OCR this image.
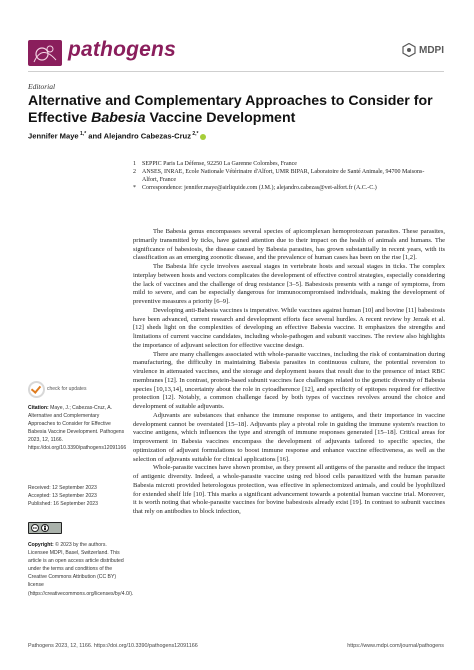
pathogens	MDPI
Editorial
Alternative and Complementary Approaches to Consider for Effective Babesia Vaccine Development
Jennifer Maye $^{1,*}$ and Alejandro Cabezas-Cruz $^{2,*}$
1	SEPPIC Paris La Défense, 92250 La Garenne Colombes, France
2	ANSES, INRAE, Ecole Nationale Vétérinaire d'Alfort, UMR BIPAR, Laboratoire de Santé Animale, 94700 Maisons-Alfort, France
*	Correspondence: jennifer.maye@airliquide.com (J.M.); alejandro.cabezas@vet-alfort.fr (A.C.-C.)

The Babesia genus encompasses several species of apicomplexan hemoprotozoan parasites. These parasites, primarily transmitted by ticks, have gained attention due to their impact on the health of animals and humans. The significance of babesiosis, the disease caused by Babesia parasites, has grown substantially in recent years, with its classification as an emerging zoonotic disease, and the prevalence of human cases has been on the rise [1,2].

The Babesia life cycle involves asexual stages in vertebrate hosts and sexual stages in ticks. The complex interplay between hosts and vectors complicates the development of effective control strategies, especially considering the lack of vaccines and the challenge of drug resistance [3–5]. Babesiosis presents with a range of symptoms, from mild to severe, and can be especially dangerous for immunocompromised individuals, making the development of preventive measures a priority [6–9].

Developing anti-Babesia vaccines is imperative. While vaccines against human [10] and bovine [11] babesiosis have been advanced, current research and development efforts face several hurdles. A recent review by Jerzak et al. [12] sheds light on the complexities of developing an effective Babesia vaccine. It emphasizes the strengths and limitations of current vaccine candidates, including whole-pathogen and subunit vaccines. The review also highlights the importance of adjuvant selection for effective vaccine design.

There are many challenges associated with whole-parasite vaccines, including the risk of contamination during manufacturing, the difficulty in maintaining Babesia parasites in continuous culture, the potential reversion to virulence in attenuated vaccines, and the storage and deployment issues that result due to the presence of intact RBC membranes [12]. In contrast, protein-based subunit vaccines face challenges related to the genetic diversity of Babesia species [10,13,14], uncertainty about the role in cytoadherence [12], and specificity of epitopes required for effective protection [12]. Notably, a common challenge faced by both types of vaccines revolves around the choice and development of suitable adjuvants.

Adjuvants are substances that enhance the immune response to antigens, and their importance in vaccine development cannot be overstated [15–18]. Adjuvants play a pivotal role in guiding the immune system's reaction to vaccine antigens, which influences the type and strength of immune responses generated [15–18]. Critical areas for improvement in Babesia vaccines encompass the development of adjuvants tailored to specific species, the optimization of adjuvant formulations to boost immune response and enhance vaccine effectiveness, as well as the selection of adjuvants suitable for clinical applications [16].

Whole-parasite vaccines have shown promise, as they present all antigens of the parasite and reduce the impact of antigenic diversity. Indeed, a whole-parasite vaccine using red blood cells parasitized with the human parasite Babesia microti provided heterologous protection, was effective in splenectomized animals, and could be lyophilized for extended shelf life [10]. This marks a significant advancement towards a potential human vaccine trial. Moreover, it is worth noting that whole-parasite vaccines for bovine babesiosis already exist [19]. In contrast to subunit vaccines that rely on antibodies to block infection,

check for updates
Citation: Maye, J.; Cabezas-Cruz, A. Alternative and Complementary Approaches to Consider for Effective Babesia Vaccine Development. Pathogens 2023, 12, 1166. https://doi.org/10.3390/pathogens12091166
Received: 12 September 2023
Accepted: 13 September 2023
Published: 16 September 2023
cc
Copyright: © 2023 by the authors. Licensee MDPI, Basel, Switzerland. This article is an open access article distributed under the terms and conditions of the Creative Commons Attribution (CC BY) license (https://creativecommons.org/licenses/by/4.0/).
Pathogens 2023, 12, 1166. https://doi.org/10.3390/pathogens12091166	https://www.mdpi.com/journal/pathogens
